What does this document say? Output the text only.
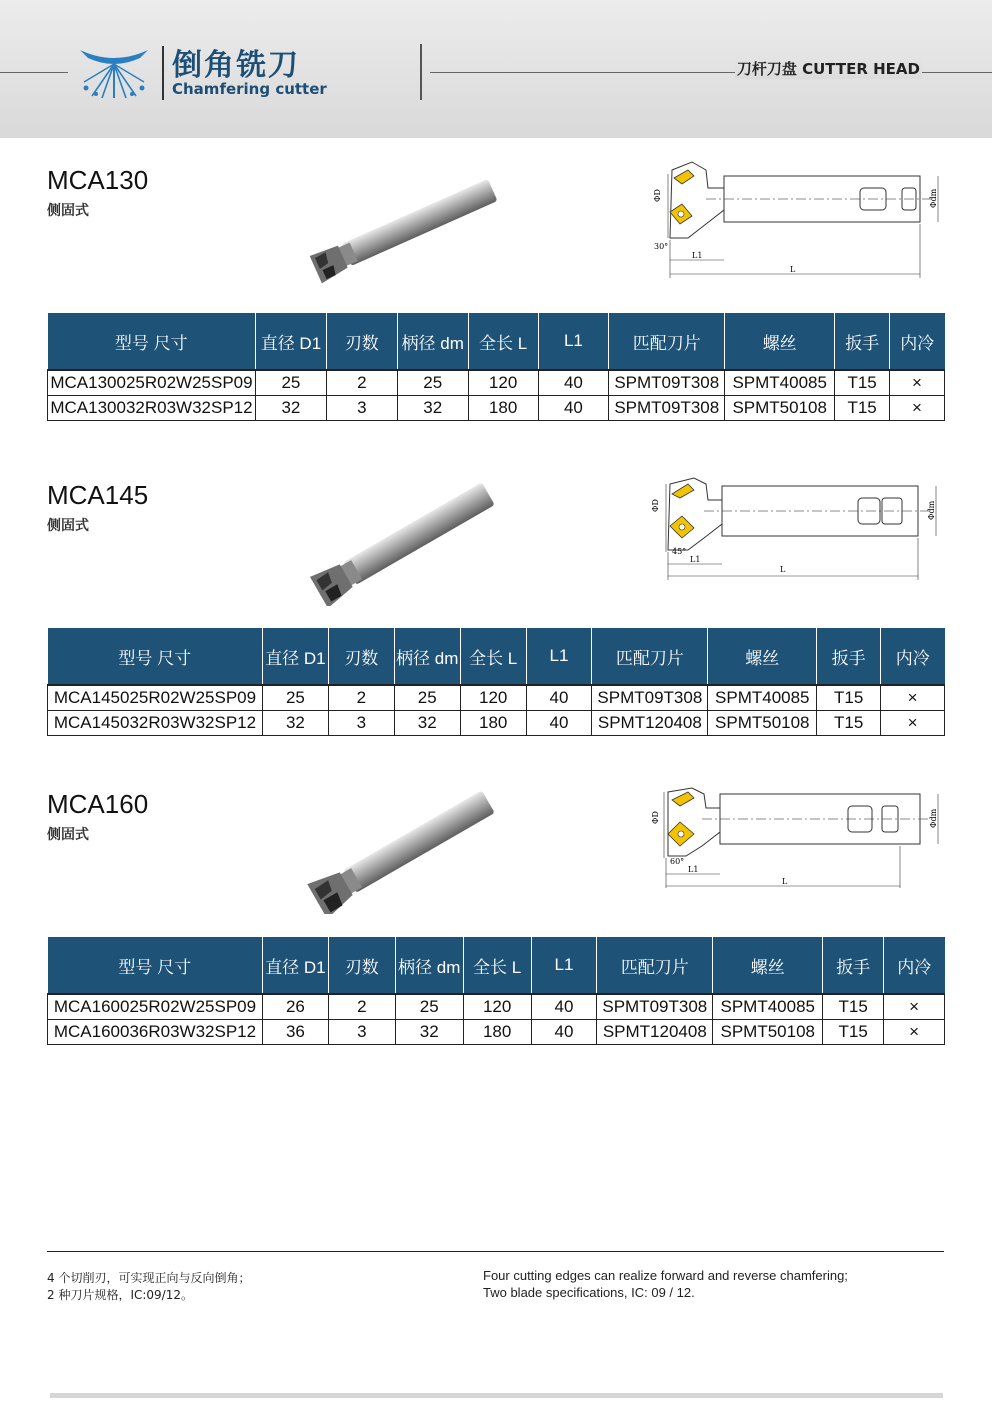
倒角铣刀
Chamfering cutter
刀杆刀盘 CUTTER HEAD
MCA130
侧固式
ΦD	Φdm
30°
L1
L
型号 尺寸	直径 D1	刃数	柄径 dm	全长 L	L1	匹配刀片	螺丝	扳手	内冷
MCA130025R02W25SP09	25	2	25	120	40	SPMT09T308	SPMT40085	T15	×
MCA130032R03W32SP12	32	3	32	180	40	SPMT09T308	SPMT50108	T15	×
MCA145
侧固式
ΦD	Φdm
45°
L1
L
型号 尺寸	直径 D1	刃数	柄径 dm	全长 L	L1	匹配刀片	螺丝	扳手	内冷
MCA145025R02W25SP09	25	2	25	120	40	SPMT09T308	SPMT40085	T15	×
MCA145032R03W32SP12	32	3	32	180	40	SPMT120408	SPMT50108	T15	×
MCA160
侧固式
ΦD	Φdm
60°
L1
L
型号 尺寸	直径 D1	刃数	柄径 dm	全长 L	L1	匹配刀片	螺丝	扳手	内冷
MCA160025R02W25SP09	26	2	25	120	40	SPMT09T308	SPMT40085	T15	×
MCA160036R03W32SP12	36	3	32	180	40	SPMT120408	SPMT50108	T15	×
4 个切削刃，可实现正向与反向倒角；
2 种刀片规格，IC:09/12。
Four cutting edges can realize forward and reverse chamfering;
Two blade specifications, IC: 09 / 12.
